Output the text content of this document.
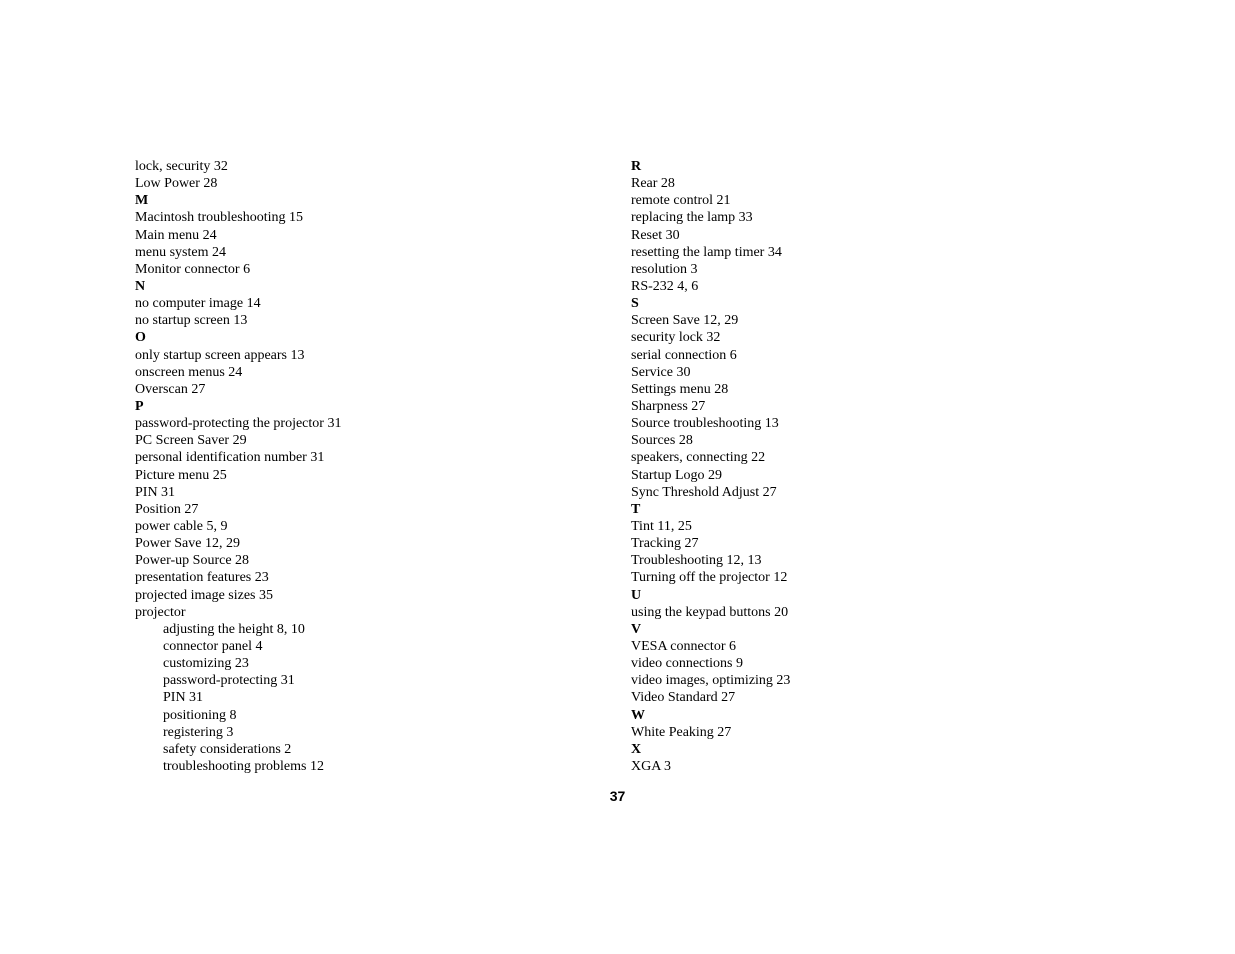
lock, security 32
Low Power 28
M
Macintosh troubleshooting 15
Main menu 24
menu system 24
Monitor connector 6
N
no computer image 14
no startup screen 13
O
only startup screen appears 13
onscreen menus 24
Overscan 27
P
password-protecting the projector 31
PC Screen Saver 29
personal identification number 31
Picture menu 25
PIN 31
Position 27
power cable 5, 9
Power Save 12, 29
Power-up Source 28
presentation features 23
projected image sizes 35
projector
adjusting the height 8, 10
connector panel 4
customizing 23
password-protecting 31
PIN 31
positioning 8
registering 3
safety considerations 2
troubleshooting problems 12
R
Rear 28
remote control 21
replacing the lamp 33
Reset 30
resetting the lamp timer 34
resolution 3
RS-232 4, 6
S
Screen Save 12, 29
security lock 32
serial connection 6
Service 30
Settings menu 28
Sharpness 27
Source troubleshooting 13
Sources 28
speakers, connecting 22
Startup Logo 29
Sync Threshold Adjust 27
T
Tint 11, 25
Tracking 27
Troubleshooting 12, 13
Turning off the projector 12
U
using the keypad buttons 20
V
VESA connector 6
video connections 9
video images, optimizing 23
Video Standard 27
W
White Peaking 27
X
XGA 3
37
